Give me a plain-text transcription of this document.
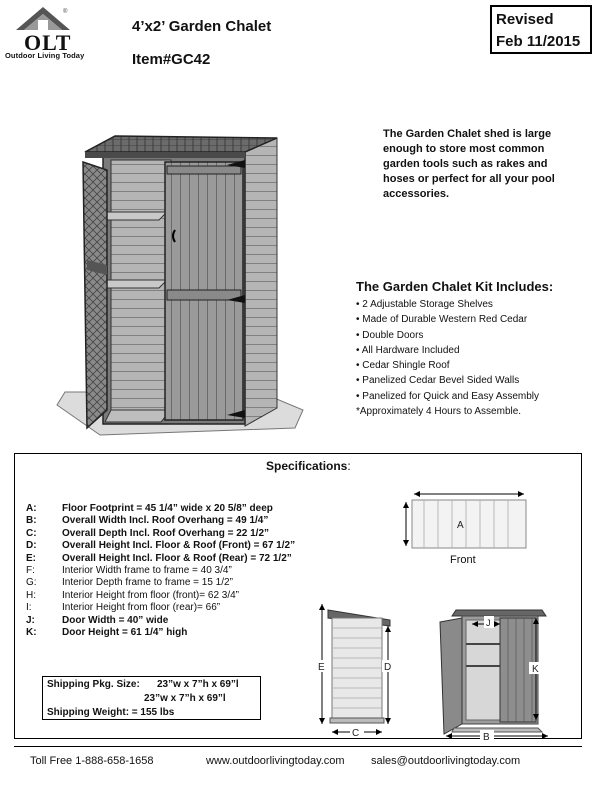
®
OLT
Outdoor Living Today
4’x2’ Garden Chalet
Item#GC42
Revised
Feb 11/2015
The Garden Chalet shed is large enough to store most common garden tools such as rakes and hoses or perfect for all your pool accessories.
The Garden Chalet Kit Includes:
• 2 Adjustable Storage Shelves
• Made of Durable Western Red Cedar
• Double Doors
• All Hardware Included
• Cedar Shingle Roof
• Panelized Cedar Bevel Sided Walls
• Panelized for Quick and Easy Assembly
*Approximately 4 Hours to Assemble.
Specifications:
A:	Floor Footprint = 45 1/4” wide x 20 5/8” deep
B:	Overall Width Incl. Roof Overhang = 49 1/4”
C:	Overall Depth Incl. Roof Overhang = 22 1/2”
D:	Overall Height Incl. Floor & Roof (Front) = 67 1/2”
E:	Overall Height Incl. Floor & Roof (Rear) = 72 1/2”
F:	Interior Width frame to frame = 40 3/4”
G:	Interior Depth frame to frame = 15 1/2”
H:	Interior Height from floor (front)= 62 3/4”
I:	Interior Height from floor (rear)= 66”
J:	Door Width = 40” wide
K:	Door Height = 61 1/4” high
Shipping Pkg. Size: 23”w x 7”h x 69”l
23”w x 7”h x 69”l
Shipping Weight: = 155 lbs
A
Front
E	D
C
J
K
B
Toll Free 1-888-658-1658	www.outdoorlivingtoday.com sales@outdoorlivingtoday.com
